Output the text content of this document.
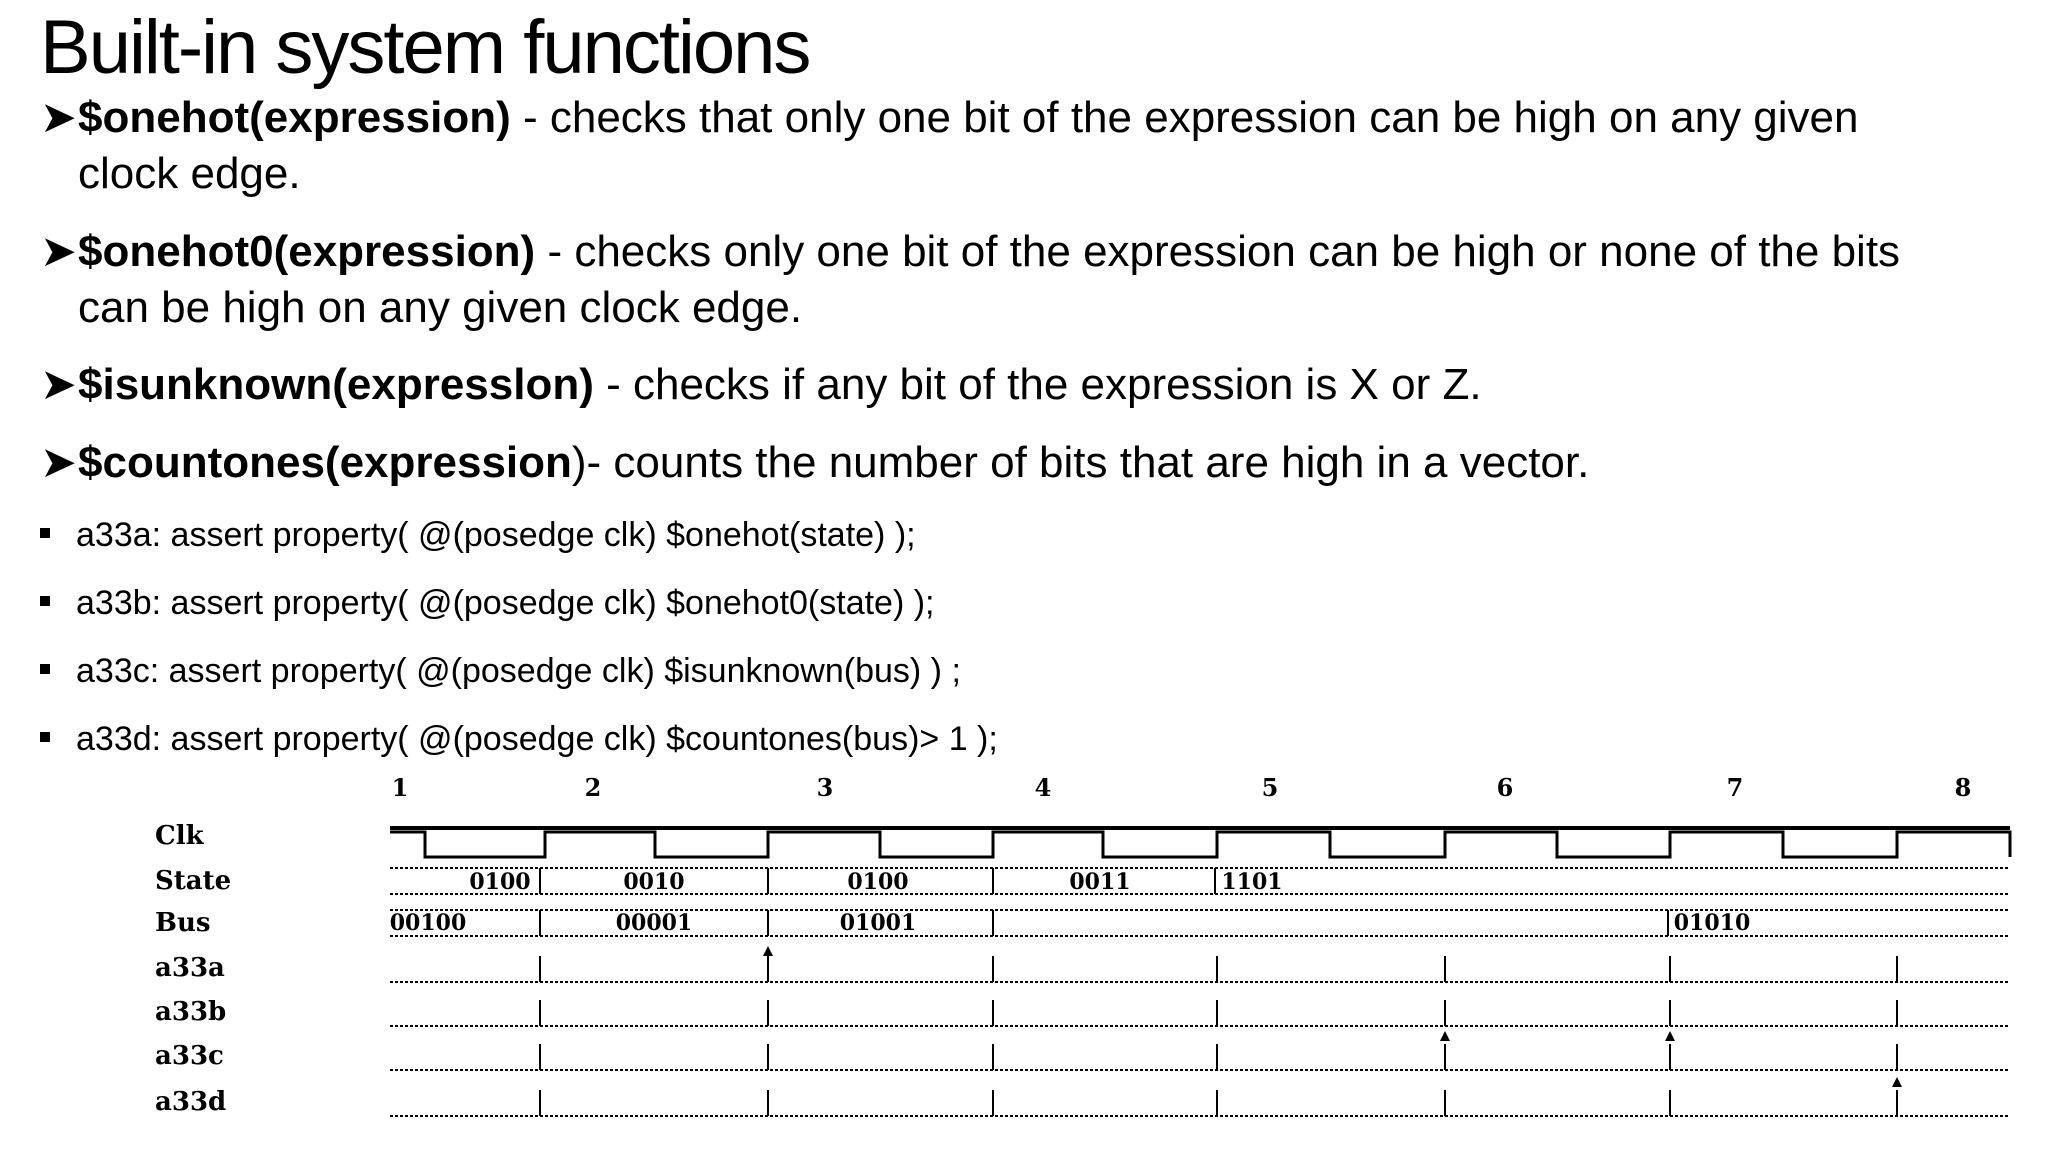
Built-in system functions
➤$onehot(expression) - checks that only one bit of the expression can be high on any given
clock edge.
➤$onehot0(expression) - checks only one bit of the expression can be high or none of the bits
can be high on any given clock edge.
➤$isunknown(expresslon) - checks if any bit of the expression is X or Z.
➤$countones(expression)- counts the number of bits that are high in a vector.
a33a: assert property( @(posedge clk) $onehot(state) );
a33b: assert property( @(posedge clk) $onehot0(state) );
a33c: assert property( @(posedge clk) $isunknown(bus) ) ;
a33d: assert property( @(posedge clk) $countones(bus)> 1 );
1	2	3	4	5	6	7	8
Clk
State
Bus
a33a
a33b
a33c
a33d
0100	0010	0100	0011	1101
00100	00001	01001	01010
